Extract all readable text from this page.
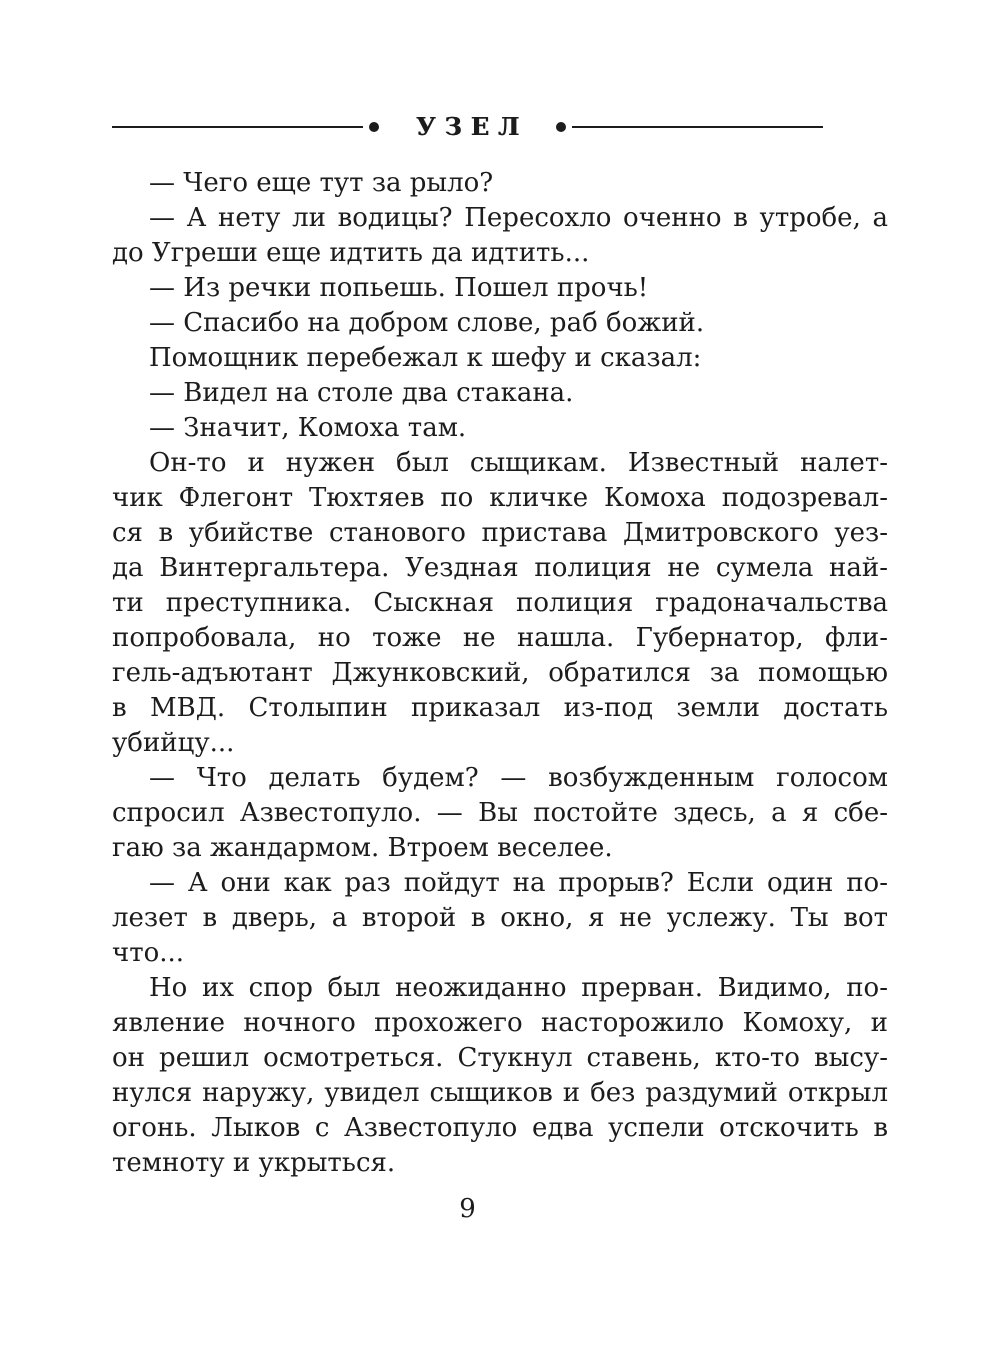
УЗЕЛ
— Чего еще тут за рыло?
— А нету ли водицы? Пересохло оченно в утробе, а
до Угреши еще идтить да идтить...
— Из речки попьешь. Пошел прочь!
— Спасибо на добром слове, раб божий.
Помощник перебежал к шефу и сказал:
— Видел на столе два стакана.
— Значит, Комоха там.
Он-то и нужен был сыщикам. Известный налет-
чик Флегонт Тюхтяев по кличке Комоха подозревал-
ся в убийстве станового пристава Дмитровского уез-
да Винтергальтера. Уездная полиция не сумела най-
ти преступника. Сыскная полиция градоначальства
попробовала, но тоже не нашла. Губернатор, фли-
гель-адъютант Джунковский, обратился за помощью
в МВД. Столыпин приказал из-под земли достать
убийцу...
— Что делать будем? — возбужденным голосом
спросил Азвестопуло. — Вы постойте здесь, а я сбе-
гаю за жандармом. Втроем веселее.
— А они как раз пойдут на прорыв? Если один по-
лезет в дверь, а второй в окно, я не услежу. Ты вот
что...
Но их спор был неожиданно прерван. Видимо, по-
явление ночного прохожего насторожило Комоху, и
он решил осмотреться. Стукнул ставень, кто-то высу-
нулся наружу, увидел сыщиков и без раздумий открыл
огонь. Лыков с Азвестопуло едва успели отскочить в
темноту и укрыться.
9
